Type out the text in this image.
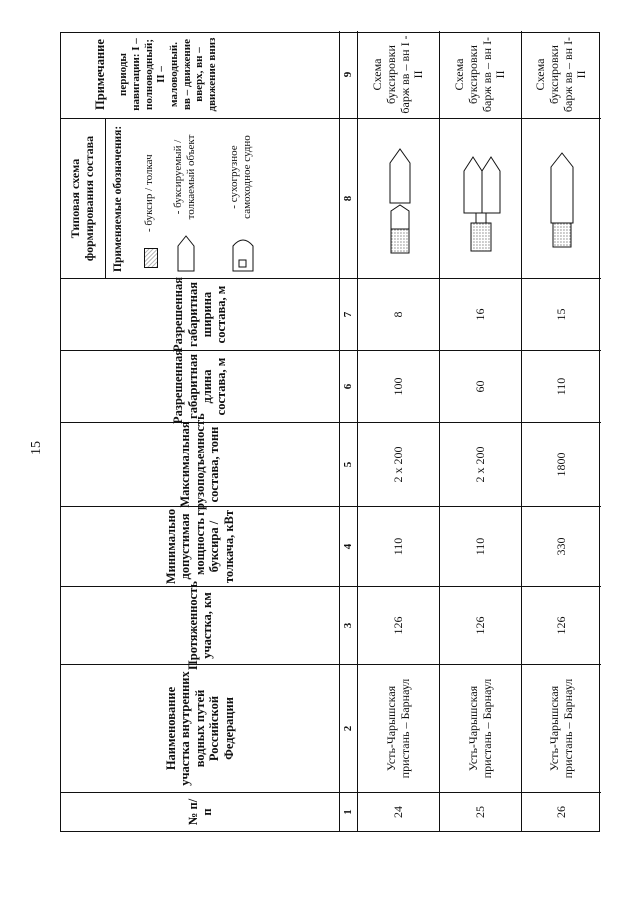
15
№ п/п
Наименование участка внутренних водных путей Российской Федерации
Протяженность участка, км
Минимально допустимая мощность буксира / толкача, кВт
Максимальная грузоподъемность состава, тонн
Разрешенная габаритная длина состава, м
Разрешенная габаритная ширина состава, м
Типовая схема формирования состава	Применяемые обозначения: - буксир / толкач - буксируемый / толкаемый объект	- сухогрузное самоходное судно
Примечание периоды навигации: I – полноводный; II – маловодный. вв – движение вверх, вн – движение вниз
1
2
3
4
5
6
7
8
9
24
Усть-Чарышская пристань – Барнаул
126
110
2 x 200
100
8
Схема буксировки барж вв – вн I -II
25
Усть-Чарышская пристань – Барнаул
126
110
2 x 200
60
16
Схема буксировки барж вв – вн I-II
26
Усть-Чарышская пристань – Барнаул
126
330
1800
110
15
Схема буксировки барж вв – вн I-II
